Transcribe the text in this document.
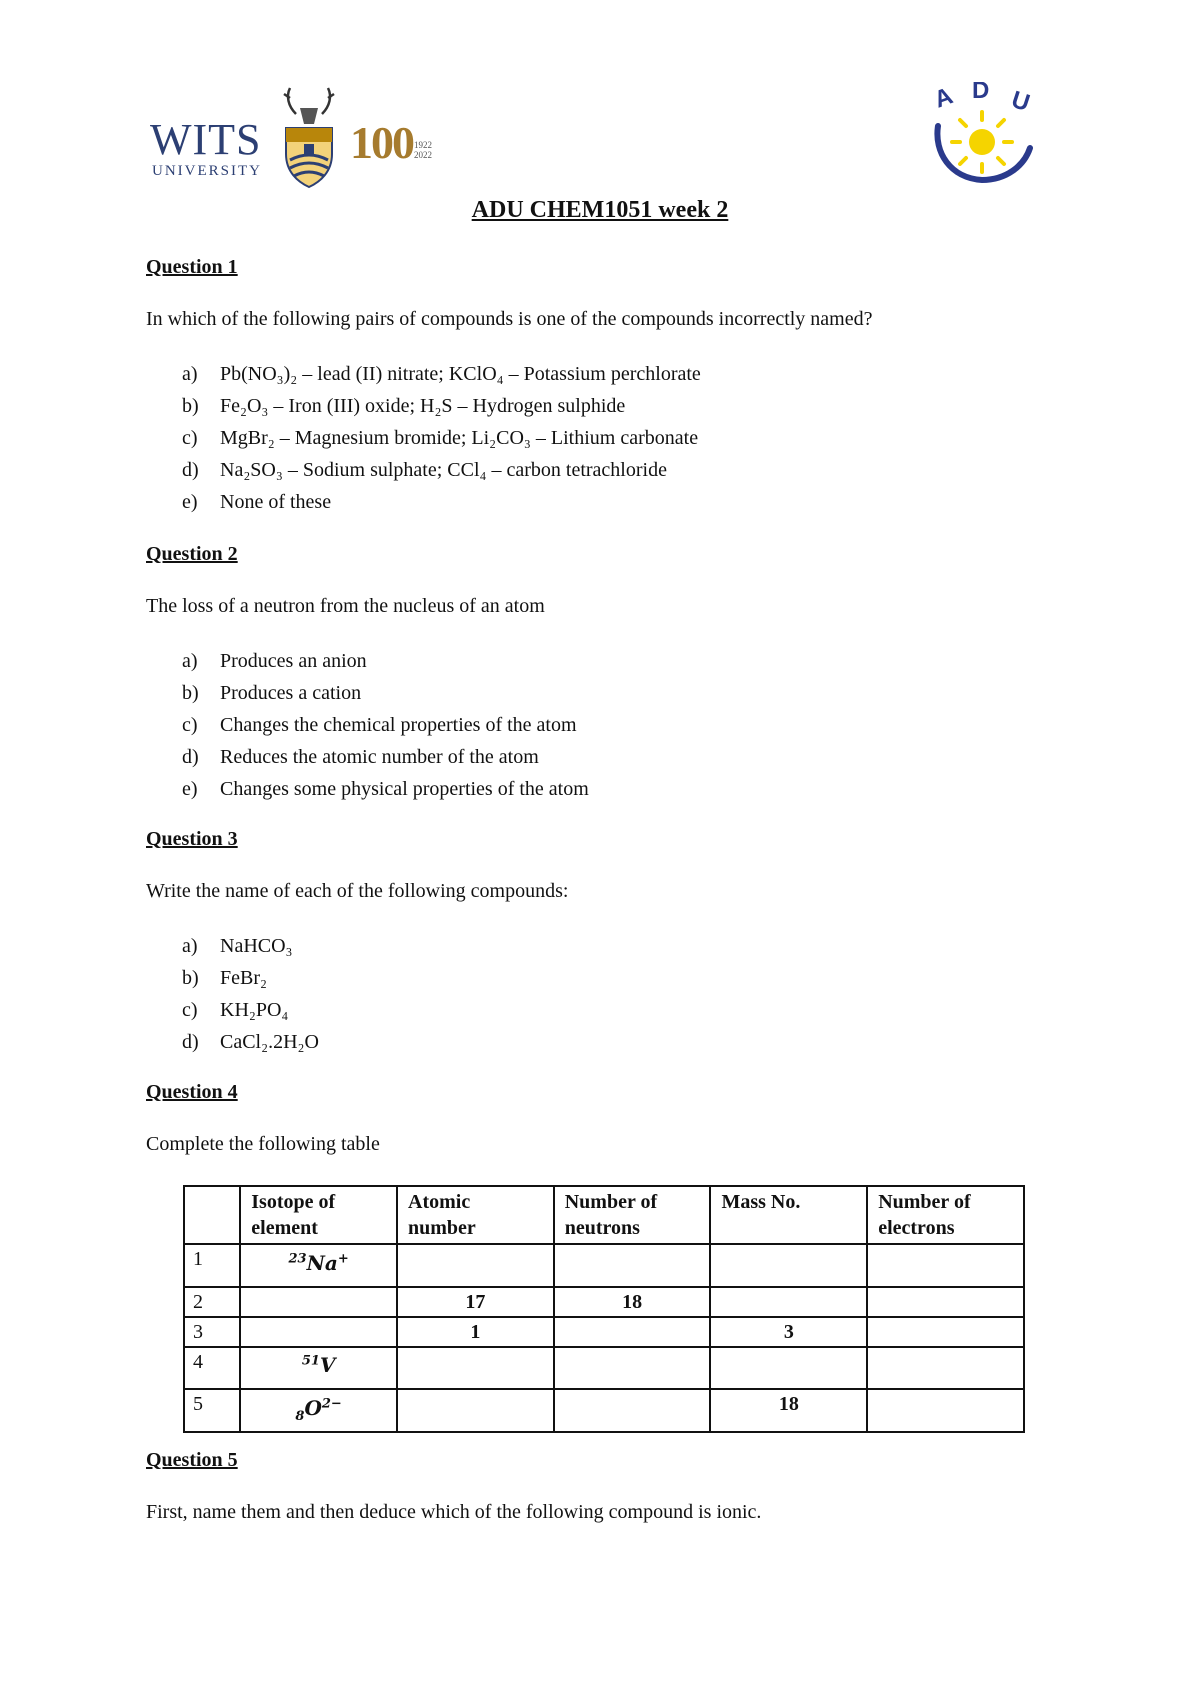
WITS
UNIVERSITY
100 1922
2022
A D U
ADU CHEM1051 week 2
Question 1
In which of the following pairs of compounds is one of the compounds incorrectly named?
a) Pb(NO₃)₂ – lead (II) nitrate; KClO₄ – Potassium perchlorate
b) Fe₂O₃ – Iron (III) oxide; H₂S – Hydrogen sulphide
c) MgBr₂ – Magnesium bromide; Li₂CO₃ – Lithium carbonate
d) Na₂SO₃ – Sodium sulphate; CCl₄ – carbon tetrachloride
e) None of these
Question 2
The loss of a neutron from the nucleus of an atom
a) Produces an anion
b) Produces a cation
c) Changes the chemical properties of the atom
d) Reduces the atomic number of the atom
e) Changes some physical properties of the atom
Question 3
Write the name of each of the following compounds:
a) NaHCO₃
b) FeBr₂
c) KH₂PO₄
d) CaCl₂.2H₂O
Question 4
Complete the following table
	Isotope of element	Atomic number	Number of neutrons	Mass No.	Number of electrons
1	$^{23}$Na+				
2		17	18		
3		1		3	
4	$^{51}$V				
5	$_8O^{2-}$			18	
Question 5
First, name them and then deduce which of the following compound is ionic.
